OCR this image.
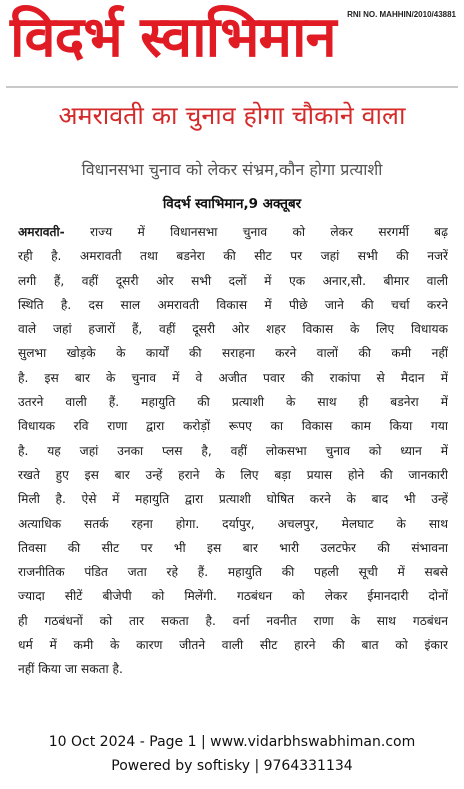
विदर्भ स्वाभिमान RNI NO. MAHHIN/2010/43881
अमरावती का चुनाव होगा चौकाने वाला
विधानसभा चुनाव को लेकर संभ्रम,कौन होगा प्रत्याशी
विदर्भ स्वाभिमान,9 अक्तूबर
अमरावती- राज्य में विधानसभा चुनाव को लेकर सरगर्मी बढ़
रही है. अमरावती तथा बडनेरा की सीट पर जहां सभी की नजरें
लगी हैं, वहीं दूसरी ओर सभी दलों में एक अनार,सौ. बीमार वाली
स्थिति है. दस साल अमरावती विकास में पीछे जाने की चर्चा करने
वाले जहां हजारों हैं, वहीं दूसरी ओर शहर विकास के लिए विधायक
सुलभा खोड़के के कार्यों की सराहना करने वालों की कमी नहीं
है. इस बार के चुनाव में वे अजीत पवार की राकांपा से मैदान में
उतरने वाली हैं. महायुति की प्रत्याशी के साथ ही बडनेरा में
विधायक रवि राणा द्वारा करोड़ों रूपए का विकास काम किया गया
है. यह जहां उनका प्लस है, वहीं लोकसभा चुनाव को ध्यान में
रखते हुए इस बार उन्हें हराने के लिए बड़ा प्रयास होने की जानकारी
मिली है. ऐसे में महायुति द्वारा प्रत्याशी घोषित करने के बाद भी उन्हें
अत्याधिक सतर्क रहना होगा. दर्यापुर, अचलपुर, मेलघाट के साथ
तिवसा की सीट पर भी इस बार भारी उलटफेर की संभावना
राजनीतिक पंडित जता रहे हैं. महायुति की पहली सूची में सबसे
ज्यादा सीटें बीजेपी को मिलेंगी. गठबंधन को लेकर ईमानदारी दोनों
ही गठबंधनों को तार सकता है. वर्ना नवनीत राणा के साथ गठबंधन
धर्म में कमी के कारण जीतने वाली सीट हारने की बात को इंकार
नहीं किया जा सकता है.
10 Oct 2024 - Page 1 | www.vidarbhswabhiman.com
Powered by softisky | 9764331134
